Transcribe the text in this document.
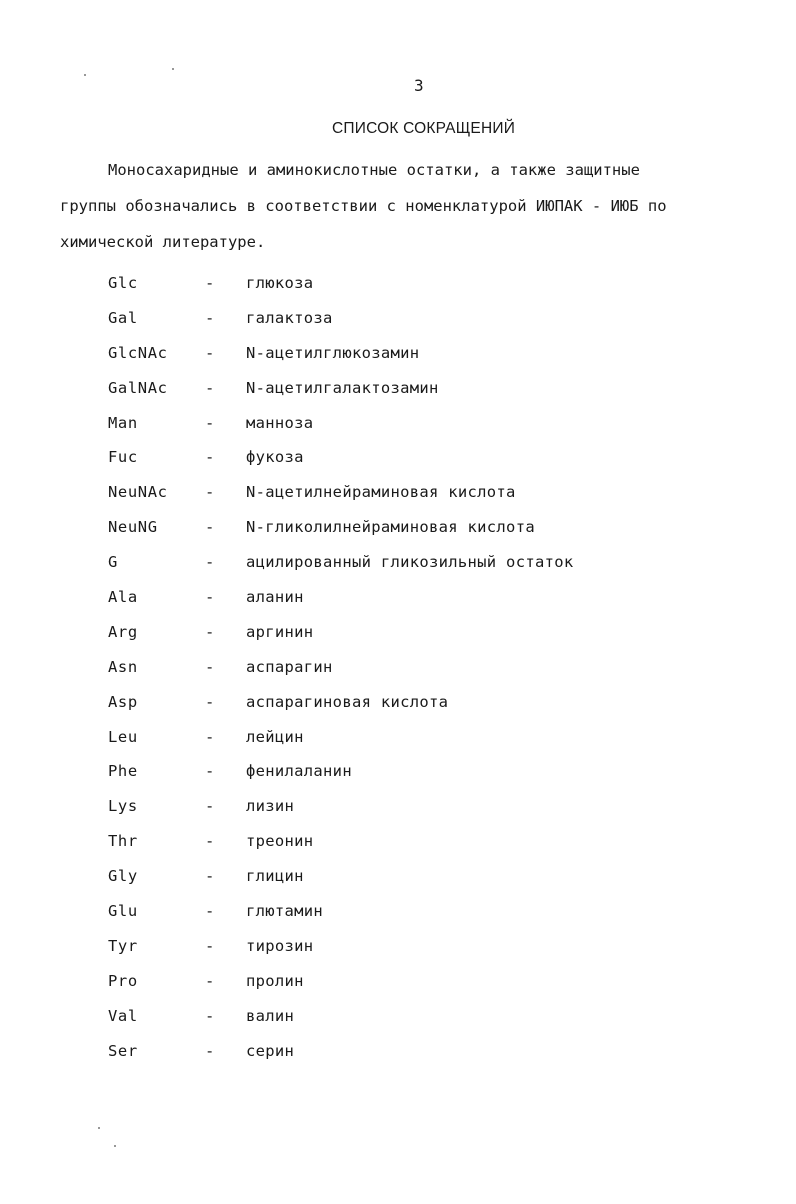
3
СПИСОК СОКРАЩЕНИЙ
Моносахаридные и аминокислотные остатки, а также защитные
группы обозначались в соответствии с номенклатурой ИЮПАК - ИЮБ по
химической литературе.
Glc	- глюкоза
Gal	- галактоза
GlcNAc - N-ацетилглюкозамин
GalNAc - N-ацетилгалактозамин
Man	- манноза
Fuc	- фукоза
NeuNAc - N-ацетилнейраминовая кислота
NeuNG	- N-гликолилнейраминовая кислота
G	- ацилированный гликозильный остаток
Ala	- аланин
Arg	- аргинин
Asn	- аспарагин
Asp	- аспарагиновая кислота
Leu	- лейцин
Phe	- фенилаланин
Lys	- лизин
Thr	- треонин
Gly	- глицин
Glu	- глютамин
Tyr	- тирозин
Pro	- пролин
Val	- валин
Ser	- серин
